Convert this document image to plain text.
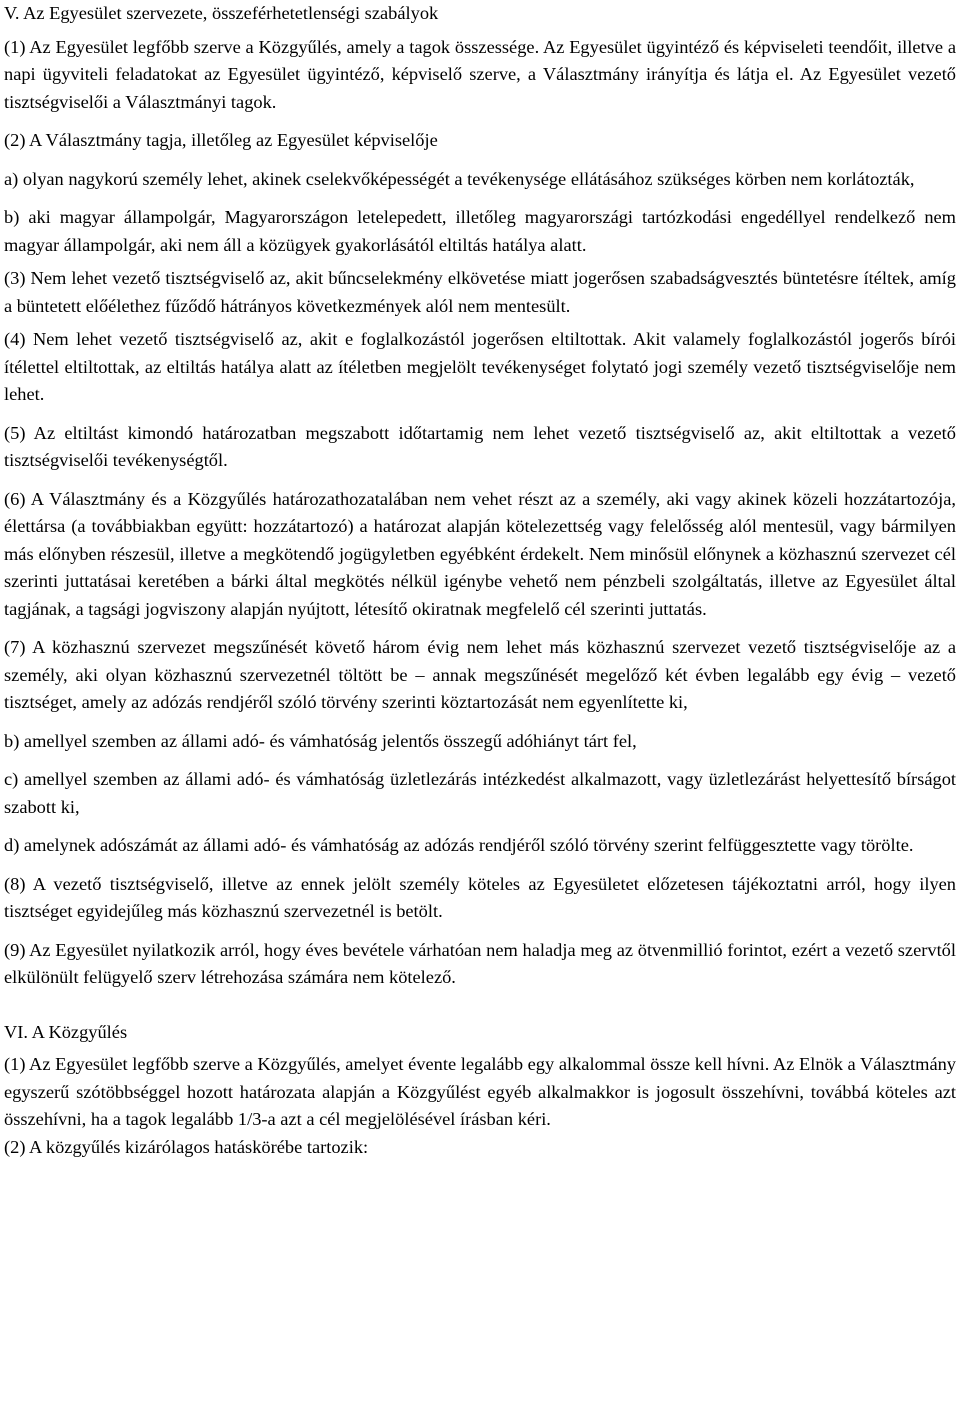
V. Az Egyesület szervezete, összeférhetetlenségi szabályok

(1) Az Egyesület legfőbb szerve a Közgyűlés, amely a tagok összessége. Az Egyesület ügyintéző és képviseleti teendőit, illetve a napi ügyviteli feladatokat az Egyesület ügyintéző, képviselő szerve, a Választmány irányítja és látja el. Az Egyesület vezető tisztségviselői a Választmányi tagok.

(2) A Választmány tagja, illetőleg az Egyesület képviselője

a) olyan nagykorú személy lehet, akinek cselekvőképességét a tevékenysége ellátásához szükséges körben nem korlátozták,

b) aki magyar állampolgár, Magyarországon letelepedett, illetőleg magyarországi tartózkodási engedéllyel rendelkező nem magyar állampolgár, aki nem áll a közügyek gyakorlásától eltiltás hatálya alatt.

(3) Nem lehet vezető tisztségviselő az, akit bűncselekmény elkövetése miatt jogerősen szabadságvesztés büntetésre ítéltek, amíg a büntetett előélethez fűződő hátrányos következmények alól nem mentesült.

(4) Nem lehet vezető tisztségviselő az, akit e foglalkozástól jogerősen eltiltottak. Akit valamely foglalkozástól jogerős bírói ítélettel eltiltottak, az eltiltás hatálya alatt az ítéletben megjelölt tevékenységet folytató jogi személy vezető tisztségviselője nem lehet.

(5) Az eltiltást kimondó határozatban megszabott időtartamig nem lehet vezető tisztségviselő az, akit eltiltottak a vezető tisztségviselői tevékenységtől.

(6) A Választmány és a Közgyűlés határozathozatalában nem vehet részt az a személy, aki vagy akinek közeli hozzátartozója, élettársa (a továbbiakban együtt: hozzátartozó) a határozat alapján kötelezettség vagy felelősség alól mentesül, vagy bármilyen más előnyben részesül, illetve a megkötendő jogügyletben egyébként érdekelt. Nem minősül előnynek a közhasznú szervezet cél szerinti juttatásai keretében a bárki által megkötés nélkül igénybe vehető nem pénzbeli szolgáltatás, illetve az Egyesület által tagjának, a tagsági jogviszony alapján nyújtott, létesítő okiratnak megfelelő cél szerinti juttatás.

(7) A közhasznú szervezet megszűnését követő három évig nem lehet más közhasznú szervezet vezető tisztségviselője az a személy, aki olyan közhasznú szervezetnél töltött be – annak megszűnését megelőző két évben legalább egy évig – vezető tisztséget, amely az adózás rendjéről szóló törvény szerinti köztartozását nem egyenlítette ki,

b) amellyel szemben az állami adó- és vámhatóság jelentős összegű adóhiányt tárt fel,

c) amellyel szemben az állami adó- és vámhatóság üzletlezárás intézkedést alkalmazott, vagy üzletlezárást helyettesítő bírságot szabott ki,

d) amelynek adószámát az állami adó- és vámhatóság az adózás rendjéről szóló törvény szerint felfüggesztette vagy törölte.

(8) A vezető tisztségviselő, illetve az ennek jelölt személy köteles az Egyesületet előzetesen tájékoztatni arról, hogy ilyen tisztséget egyidejűleg más közhasznú szervezetnél is betölt.

(9) Az Egyesület nyilatkozik arról, hogy éves bevétele várhatóan nem haladja meg az ötvenmillió forintot, ezért a vezető szervtől elkülönült felügyelő szerv létrehozása számára nem kötelező.

VI. A Közgyűlés

(1) Az Egyesület legfőbb szerve a Közgyűlés, amelyet évente legalább egy alkalommal össze kell hívni. Az Elnök a Választmány egyszerű szótöbbséggel hozott határozata alapján a Közgyűlést egyéb alkalmakkor is jogosult összehívni, továbbá köteles azt összehívni, ha a tagok legalább 1/3-a azt a cél megjelölésével írásban kéri.

(2) A közgyűlés kizárólagos hatáskörébe tartozik:
